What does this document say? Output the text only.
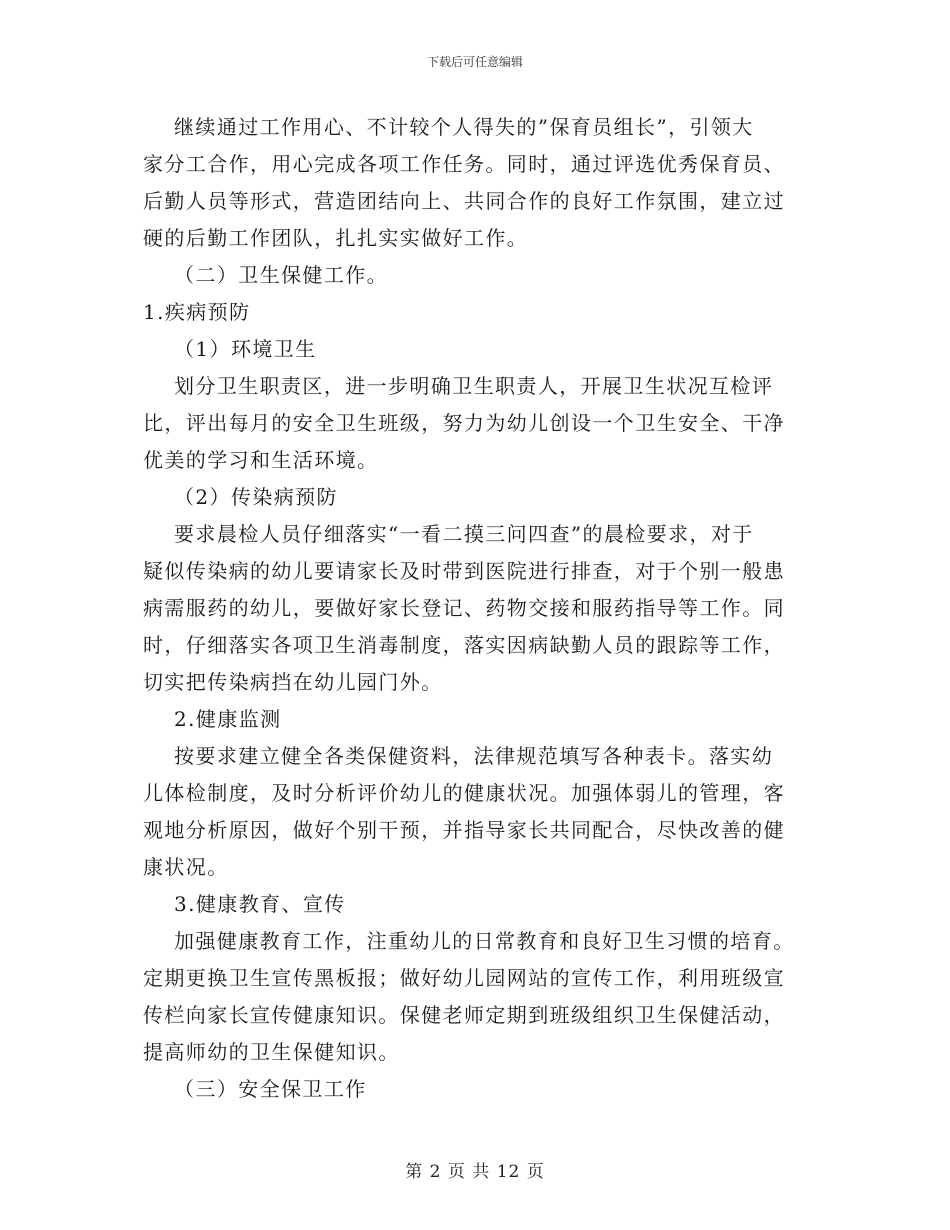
下载后可任意编辑
继续通过工作用心、不计较个人得失的”保育员组长”，引领大
家分工合作，用心完成各项工作任务。同时，通过评选优秀保育员、
后勤人员等形式，营造团结向上、共同合作的良好工作氛围，建立过
硬的后勤工作团队，扎扎实实做好工作。
（二）卫生保健工作。
1.疾病预防
（1）环境卫生
划分卫生职责区，进一步明确卫生职责人，开展卫生状况互检评
比，评出每月的安全卫生班级，努力为幼儿创设一个卫生安全、干净
优美的学习和生活环境。
（2）传染病预防
要求晨检人员仔细落实“一看二摸三问四查”的晨检要求，对于
疑似传染病的幼儿要请家长及时带到医院进行排查，对于个别一般患
病需服药的幼儿，要做好家长登记、药物交接和服药指导等工作。同
时，仔细落实各项卫生消毒制度，落实因病缺勤人员的跟踪等工作，
切实把传染病挡在幼儿园门外。
2.健康监测
按要求建立健全各类保健资料，法律规范填写各种表卡。落实幼
儿体检制度，及时分析评价幼儿的健康状况。加强体弱儿的管理，客
观地分析原因，做好个别干预，并指导家长共同配合，尽快改善的健
康状况。
3.健康教育、宣传
加强健康教育工作，注重幼儿的日常教育和良好卫生习惯的培育。
定期更换卫生宣传黑板报；做好幼儿园网站的宣传工作，利用班级宣
传栏向家长宣传健康知识。保健老师定期到班级组织卫生保健活动，
提高师幼的卫生保健知识。
（三）安全保卫工作
第 2 页 共 12 页
